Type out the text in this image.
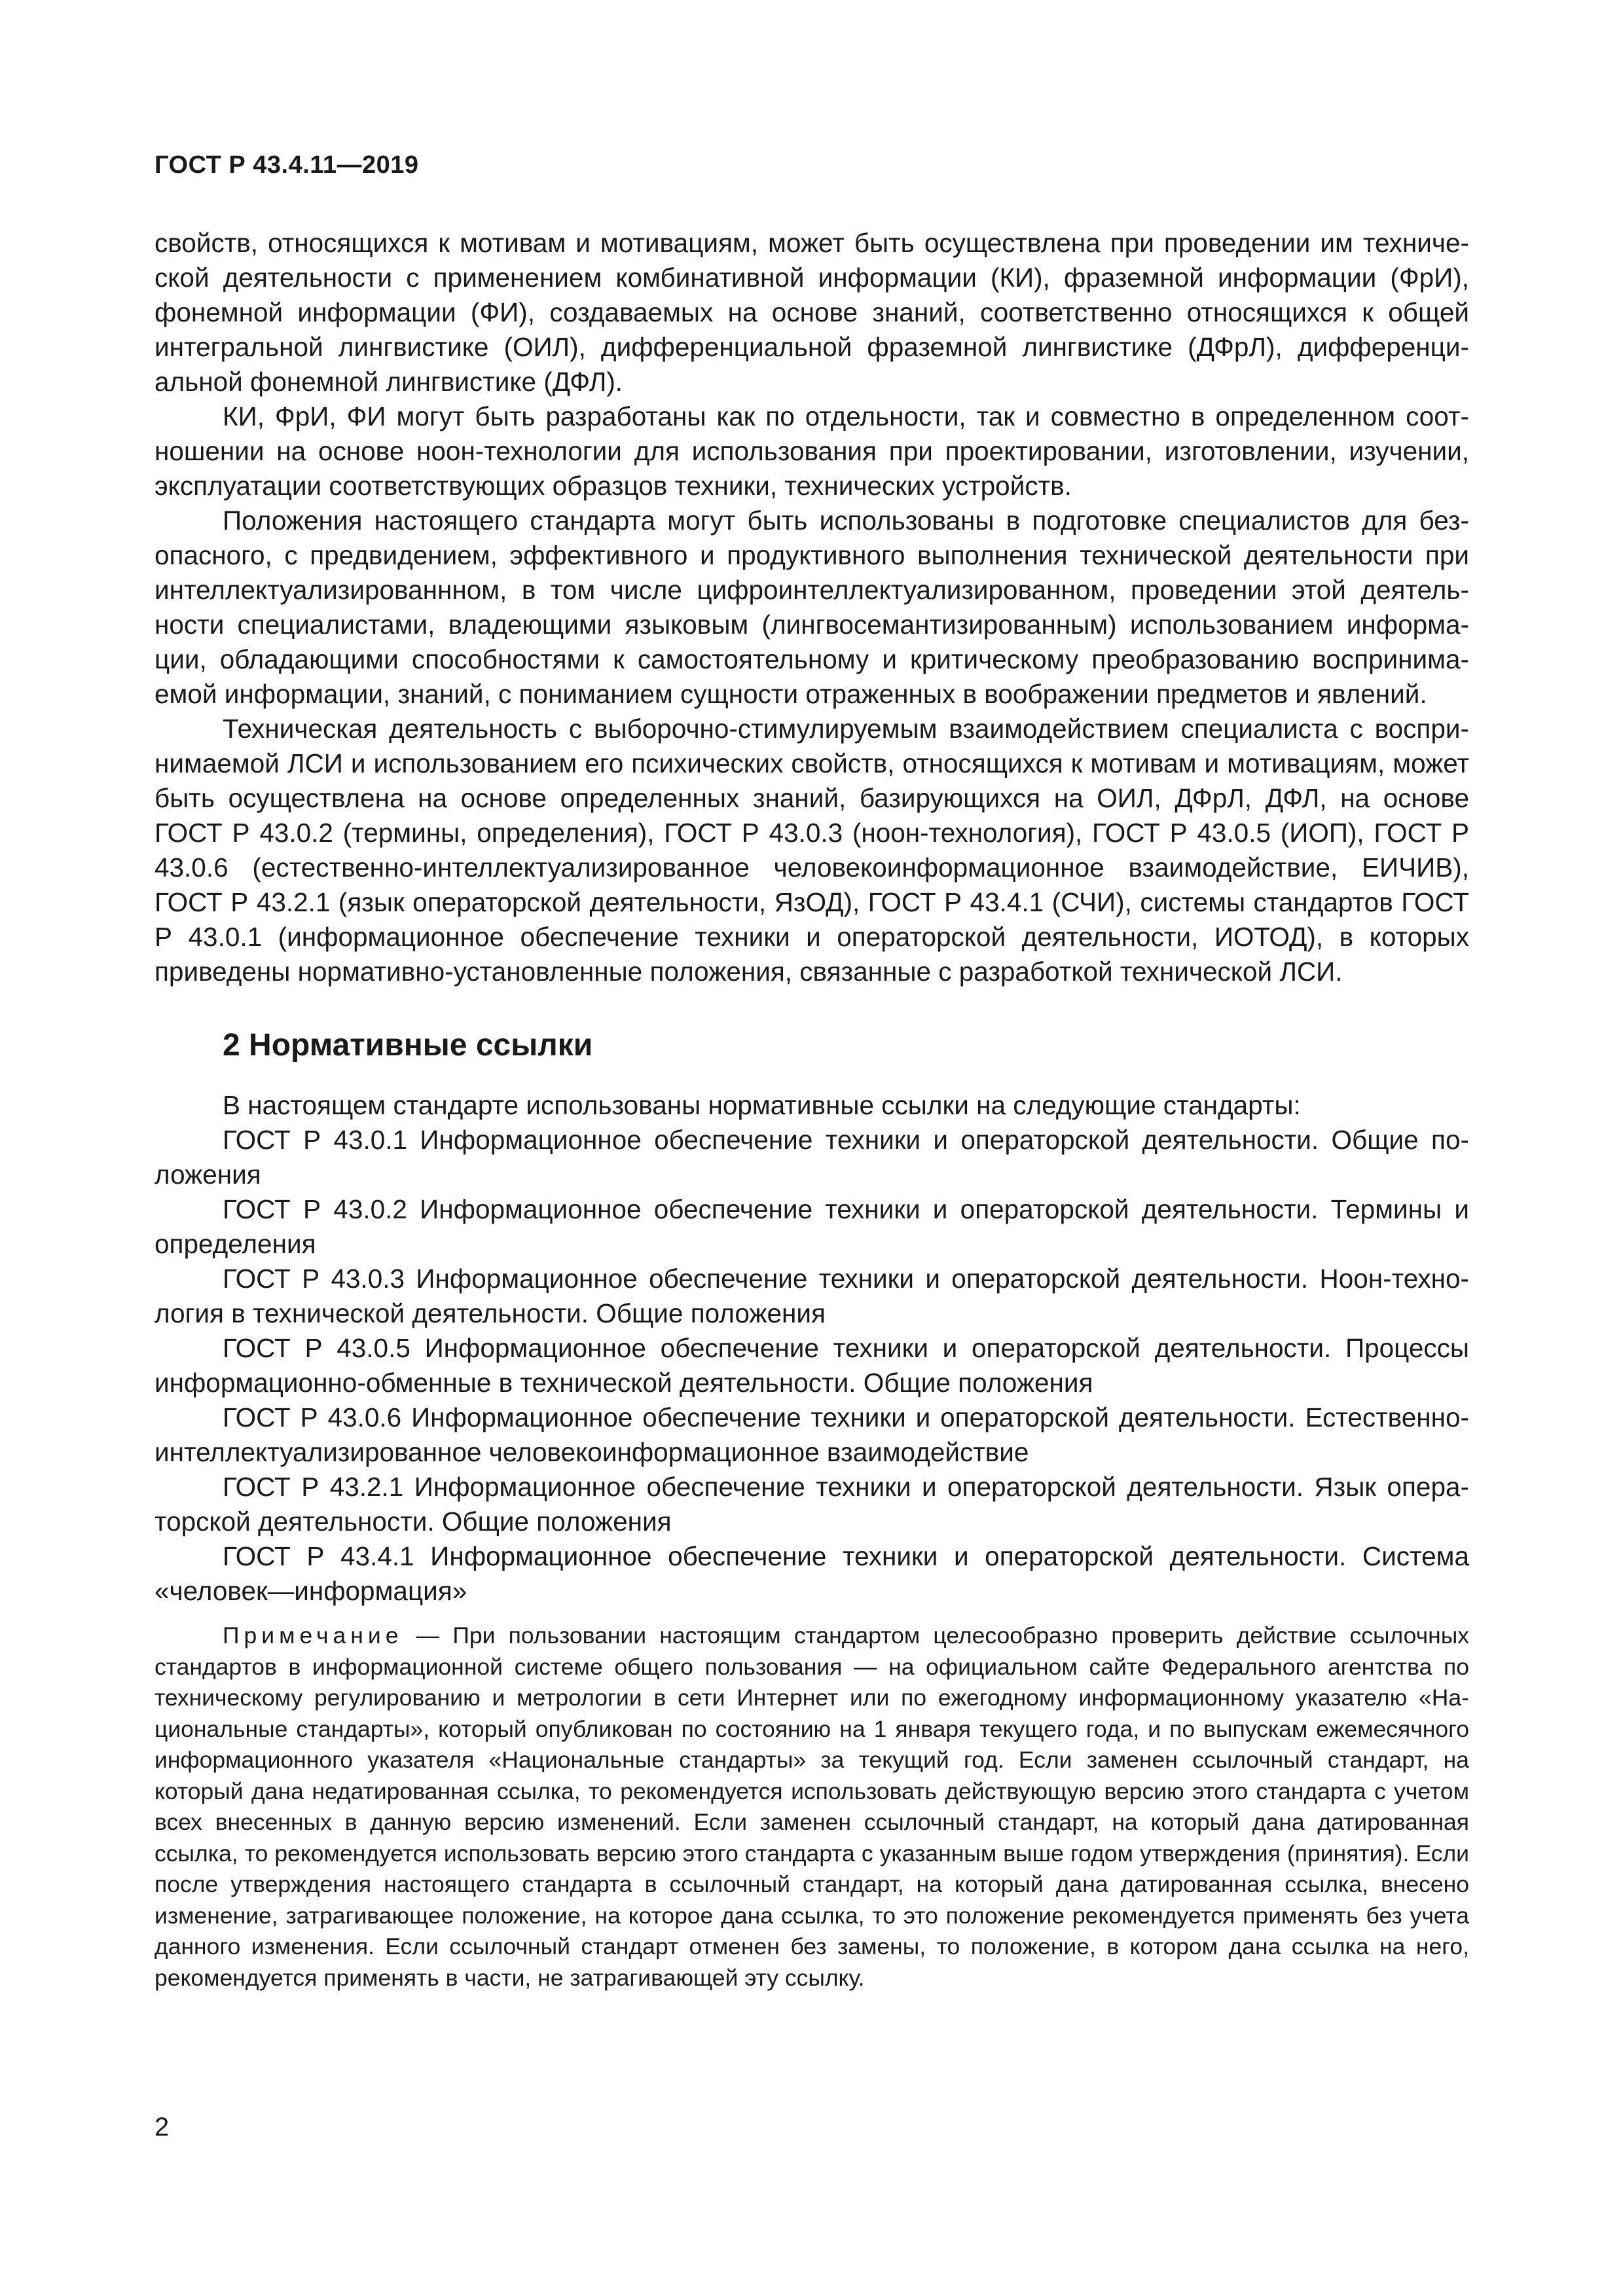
ГОСТ Р 43.4.11—2019

свойств, относящихся к мотивам и мотивациям, может быть осуществлена при проведении им технической деятельности с применением комбинативной информации (КИ), фраземной информации (ФрИ), фонемной информации (ФИ), создаваемых на основе знаний, соответственно относящихся к общей интегральной лингвистике (ОИЛ), дифференциальной фраземной лингвистике (ДФрЛ), дифференциальной фонемной лингвистике (ДФЛ).

КИ, ФрИ, ФИ могут быть разработаны как по отдельности, так и совместно в определенном соотношении на основе ноон-технологии для использования при проектировании, изготовлении, изучении, эксплуатации соответствующих образцов техники, технических устройств.

Положения настоящего стандарта могут быть использованы в подготовке специалистов для безопасного, с предвидением, эффективного и продуктивного выполнения технической деятельности при интеллектуализированнном, в том числе цифроинтеллектуализированном, проведении этой деятельности специалистами, владеющими языковым (лингвосемантизированным) использованием информации, обладающими способностями к самостоятельному и критическому преобразованию воспринимаемой информации, знаний, с пониманием сущности отраженных в воображении предметов и явлений.

Техническая деятельность с выборочно-стимулируемым взаимодействием специалиста с воспринимаемой ЛСИ и использованием его психических свойств, относящихся к мотивам и мотивациям, может быть осуществлена на основе определенных знаний, базирующихся на ОИЛ, ДФрЛ, ДФЛ, на основе ГОСТ Р 43.0.2 (термины, определения), ГОСТ Р 43.0.3 (ноон-технология), ГОСТ Р 43.0.5 (ИОП), ГОСТ Р 43.0.6 (естественно-интеллектуализированное человекоинформационное взаимодействие, ЕИЧИВ), ГОСТ Р 43.2.1 (язык операторской деятельности, ЯзОД), ГОСТ Р 43.4.1 (СЧИ), системы стандартов ГОСТ Р 43.0.1 (информационное обеспечение техники и операторской деятельности, ИОТОД), в которых приведены нормативно-установленные положения, связанные с разработкой технической ЛСИ.

2 Нормативные ссылки

В настоящем стандарте использованы нормативные ссылки на следующие стандарты:

ГОСТ Р 43.0.1 Информационное обеспечение техники и операторской деятельности. Общие положения

ГОСТ Р 43.0.2 Информационное обеспечение техники и операторской деятельности. Термины и определения

ГОСТ Р 43.0.3 Информационное обеспечение техники и операторской деятельности. Ноон-технология в технической деятельности. Общие положения

ГОСТ Р 43.0.5 Информационное обеспечение техники и операторской деятельности. Процессы информационно-обменные в технической деятельности. Общие положения

ГОСТ Р 43.0.6 Информационное обеспечение техники и операторской деятельности. Естественно-интеллектуализированное человекоинформационное взаимодействие

ГОСТ Р 43.2.1 Информационное обеспечение техники и операторской деятельности. Язык операторской деятельности. Общие положения

ГОСТ Р 43.4.1 Информационное обеспечение техники и операторской деятельности. Система «человек—информация»

Примечание — При пользовании настоящим стандартом целесообразно проверить действие ссылочных стандартов в информационной системе общего пользования — на официальном сайте Федерального агентства по техническому регулированию и метрологии в сети Интернет или по ежегодному информационному указателю «Национальные стандарты», который опубликован по состоянию на 1 января текущего года, и по выпускам ежемесячного информационного указателя «Национальные стандарты» за текущий год. Если заменен ссылочный стандарт, на который дана недатированная ссылка, то рекомендуется использовать действующую версию этого стандарта с учетом всех внесенных в данную версию изменений. Если заменен ссылочный стандарт, на который дана датированная ссылка, то рекомендуется использовать версию этого стандарта с указанным выше годом утверждения (принятия). Если после утверждения настоящего стандарта в ссылочный стандарт, на который дана датированная ссылка, внесено изменение, затрагивающее положение, на которое дана ссылка, то это положение рекомендуется применять без учета данного изменения. Если ссылочный стандарт отменен без замены, то положение, в котором дана ссылка на него, рекомендуется применять в части, не затрагивающей эту ссылку.

2
